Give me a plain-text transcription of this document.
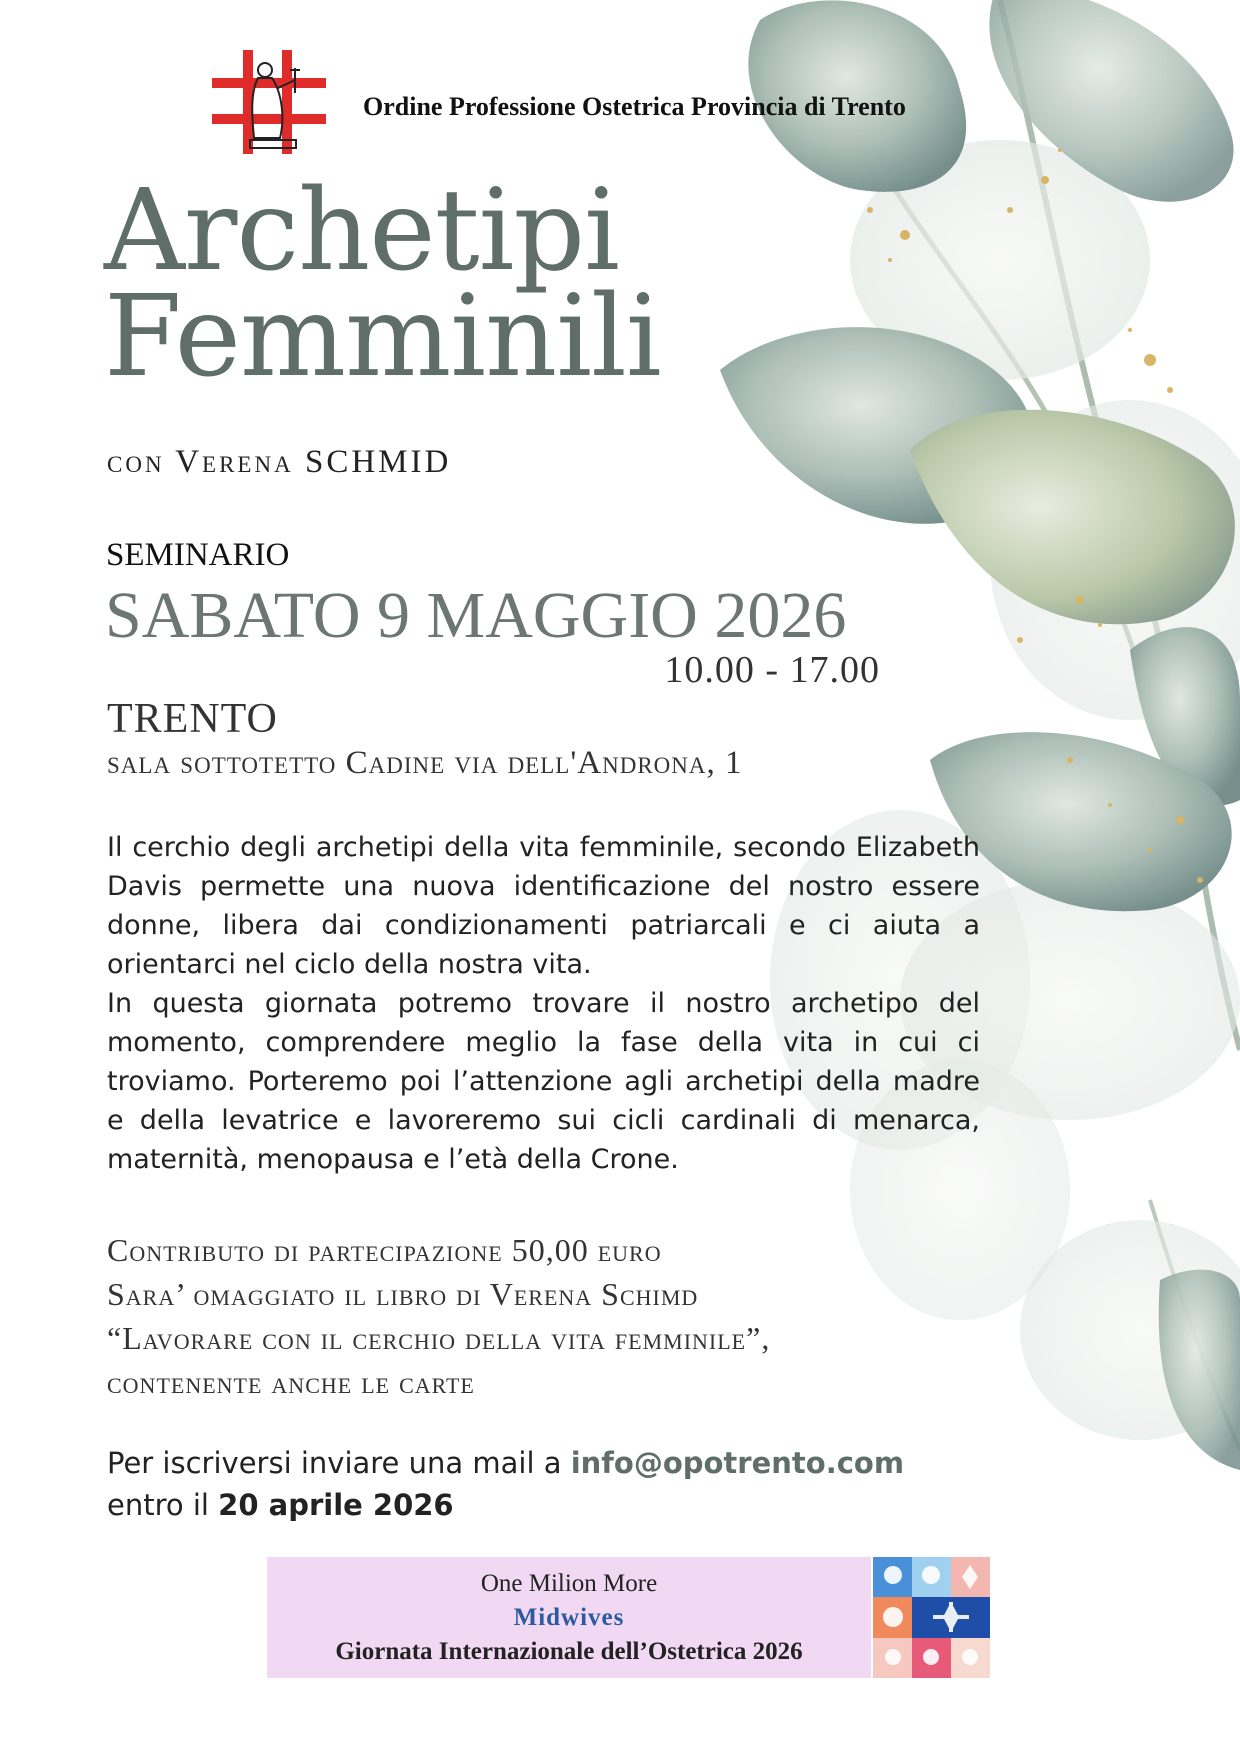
Ordine Professione Ostetrica Provincia di Trento
Archetipi
Femminili
con Verena SCHMID
SEMINARIO
SABATO 9 MAGGIO 2026
10.00 - 17.00
TRENTO
sala sottotetto Cadine via dell'Androna, 1

Il cerchio degli archetipi della vita femminile, secondo Elizabeth Davis permette una nuova identificazione del nostro essere donne, libera dai condizionamenti patriarcali e ci aiuta a orientarci nel ciclo della nostra vita.

In questa giornata potremo trovare il nostro archetipo del momento, comprendere meglio la fase della vita in cui ci troviamo. Porteremo poi l’attenzione agli archetipi della madre e della levatrice e lavoreremo sui cicli cardinali di menarca, maternità, menopausa e l’età della Crone.

Contributo di partecipazione 50,00 euro
Sara’ omaggiato il libro di Verena Schimd
“Lavorare con il cerchio della vita femminile”,
contenente anche le carte
Per iscriversi inviare una mail a info@opotrento.com
entro il 20 aprile 2026
One Milion More
Midwives
Giornata Internazionale dell’Ostetrica 2026
